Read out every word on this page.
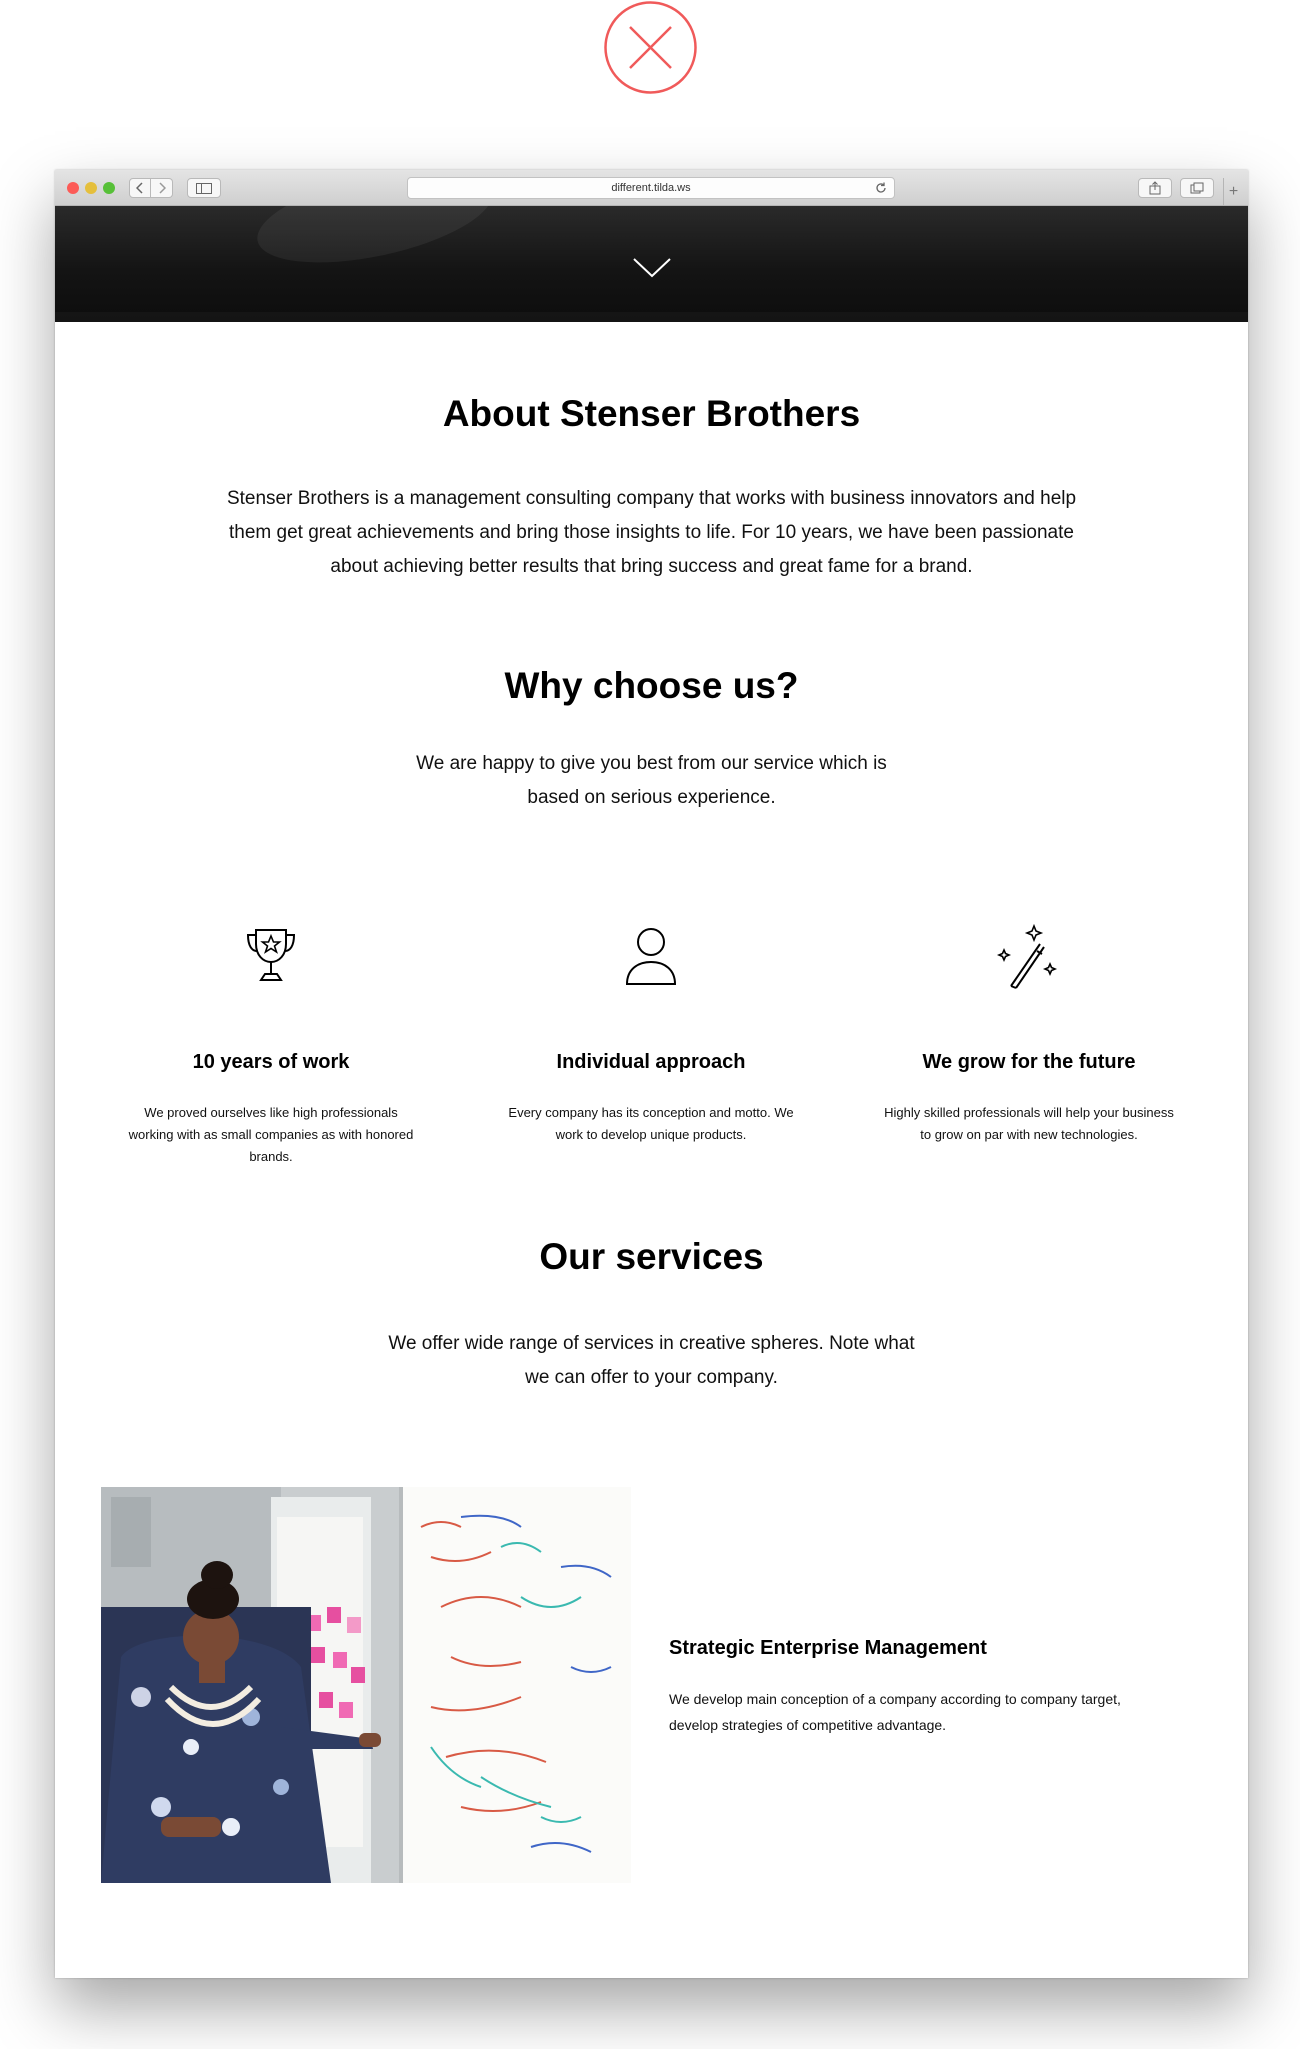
different.tilda.ws	+
About Stenser Brothers
Stenser Brothers is a management consulting company that works with business innovators and help them get great achievements and bring those insights to life. For 10 years, we have been passionate about achieving better results that bring success and great fame for a brand.
Why choose us?
We are happy to give you best from our service which is based on serious experience.
10 years of work
We proved ourselves like high professionals working with as small companies as with honored brands.
Individual approach
Every company has its conception and motto. We work to develop unique products.
We grow for the future
Highly skilled professionals will help your business to grow on par with new technologies.
Our services
We offer wide range of services in creative spheres. Note what we can offer to your company.
Strategic Enterprise Management
We develop main conception of a company according to company target, develop strategies of competitive advantage.
